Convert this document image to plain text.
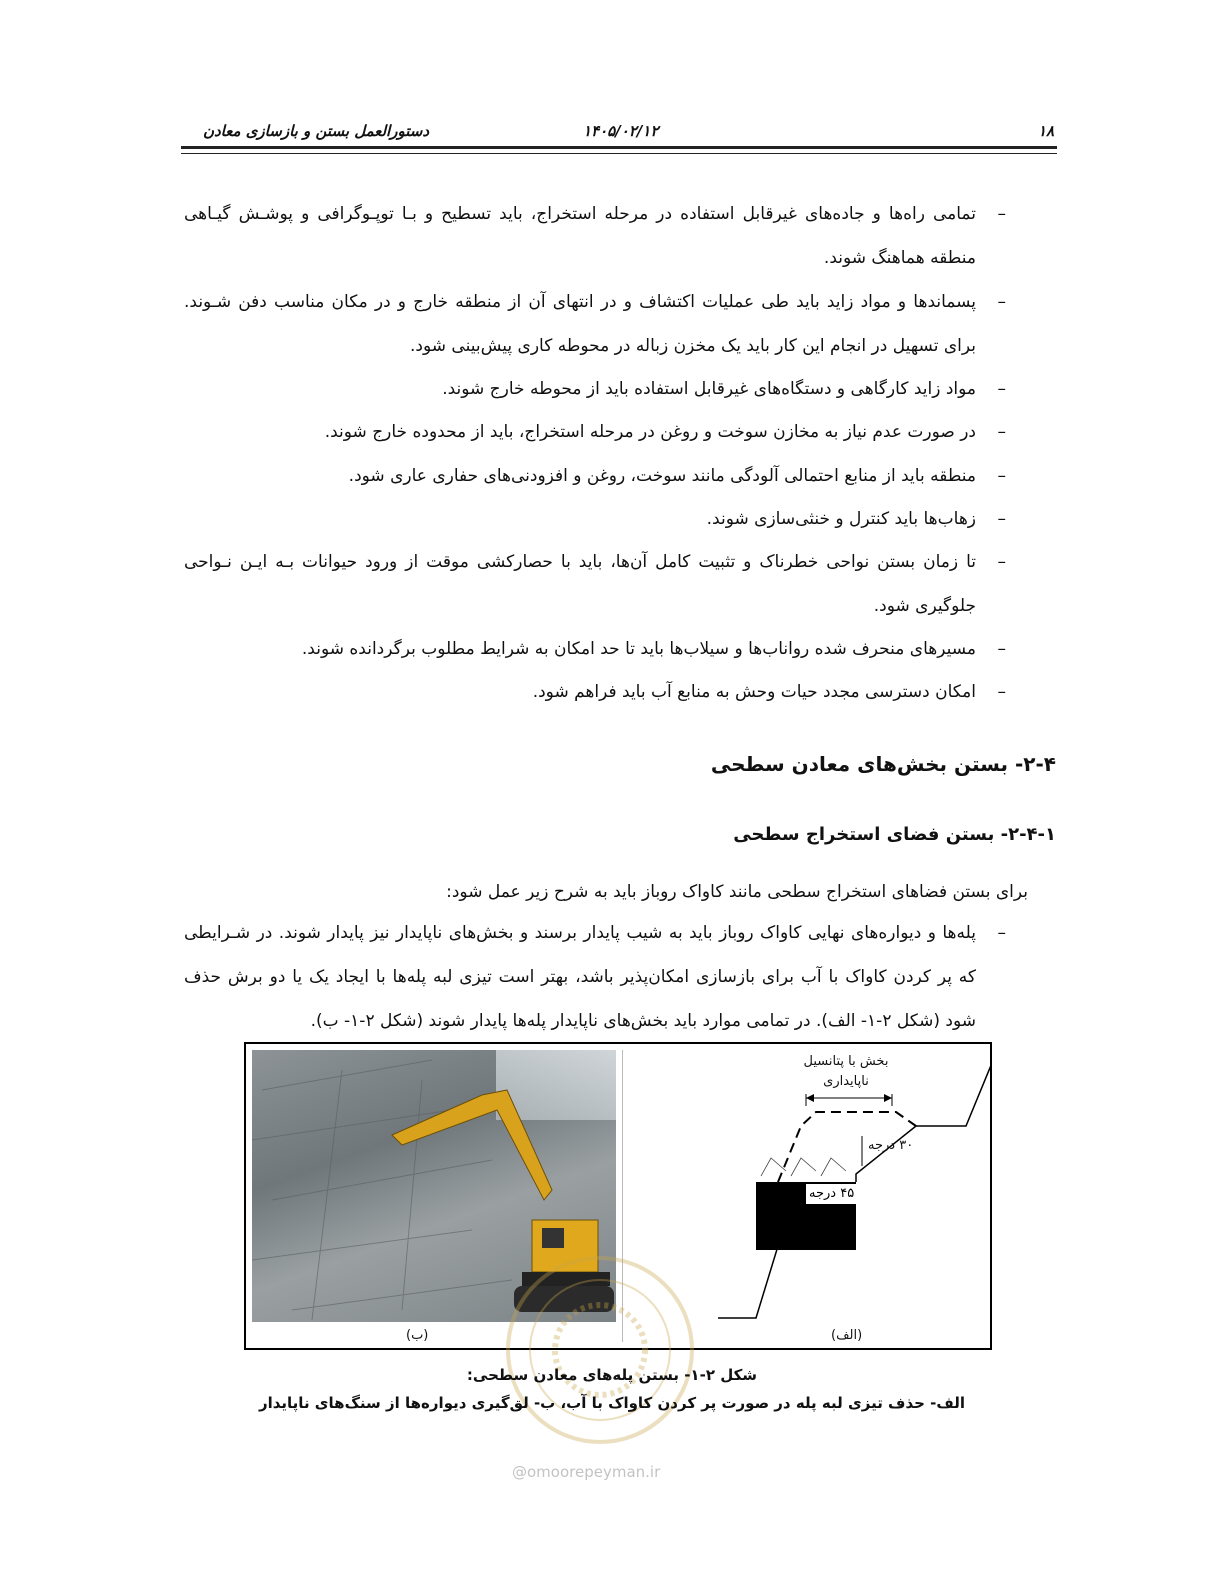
دستورالعمل بستن و بازسازی معادن	۱۴۰۵/۰۲/۱۲	۱۸
–
تمامی راه‌ها و جاده‌های غیرقابل استفاده در مرحله استخراج، باید تسطیح و بـا توپـوگرافی و پوشـش گیـاهی منطقه هماهنگ شوند.
–
پسماندها و مواد زاید باید طی عملیات اکتشاف و در انتهای آن از منطقه خارج و در مکان مناسب دفن شـوند. برای تسهیل در انجام این کار باید یک مخزن زباله در محوطه کاری پیش‌بینی شود.
–
مواد زاید کارگاهی و دستگاه‌های غیرقابل استفاده باید از محوطه خارج شوند.
–
در صورت عدم نیاز به مخازن سوخت و روغن در مرحله استخراج، باید از محدوده خارج شوند.
–
منطقه باید از منابع احتمالی آلودگی مانند سوخت، روغن و افزودنی‌های حفاری عاری شود.
–
زهاب‌ها باید کنترل و خنثی‌سازی شوند.
–
تا زمان بستن نواحی خطرناک و تثبیت کامل آن‌ها، باید با حصارکشی موقت از ورود حیوانات بـه ایـن نـواحی جلوگیری شود.
–
مسیرهای منحرف شده رواناب‌ها و سیلاب‌ها باید تا حد امکان به شرایط مطلوب برگردانده شوند.
–
امکان دسترسی مجدد حیات وحش به منابع آب باید فراهم شود.
۲-۴- بستن بخش‌های معادن سطحی
۲-۴-۱- بستن فضای استخراج سطحی
برای بستن فضاهای استخراج سطحی مانند کاواک روباز باید به شرح زیر عمل شود:
–
پله‌ها و دیواره‌های نهایی کاواک روباز باید به شیب پایدار برسند و بخش‌های ناپایدار نیز پایدار شوند. در شـرایطی که پر کردن کاواک با آب برای بازسازی امکان‌پذیر باشد، بهتر است تیزی لبه پله‌ها با ایجاد یک یا دو برش حذف شود (شکل ۲-۱- الف). در تمامی موارد باید بخش‌های ناپایدار پله‌ها پایدار شوند (شکل ۲-۱- ب).
بخش با پتانسیل ناپایداری
۳۰ درجه
۴۵ درجه
(ب)	(الف)
شکل ۲-۱- بستن پله‌های معادن سطحی:
الف- حذف تیزی لبه پله در صورت پر کردن کاواک با آب، ب- لق‌گیری دیواره‌ها از سنگ‌های ناپایدار
@omoorepeyman.ir
